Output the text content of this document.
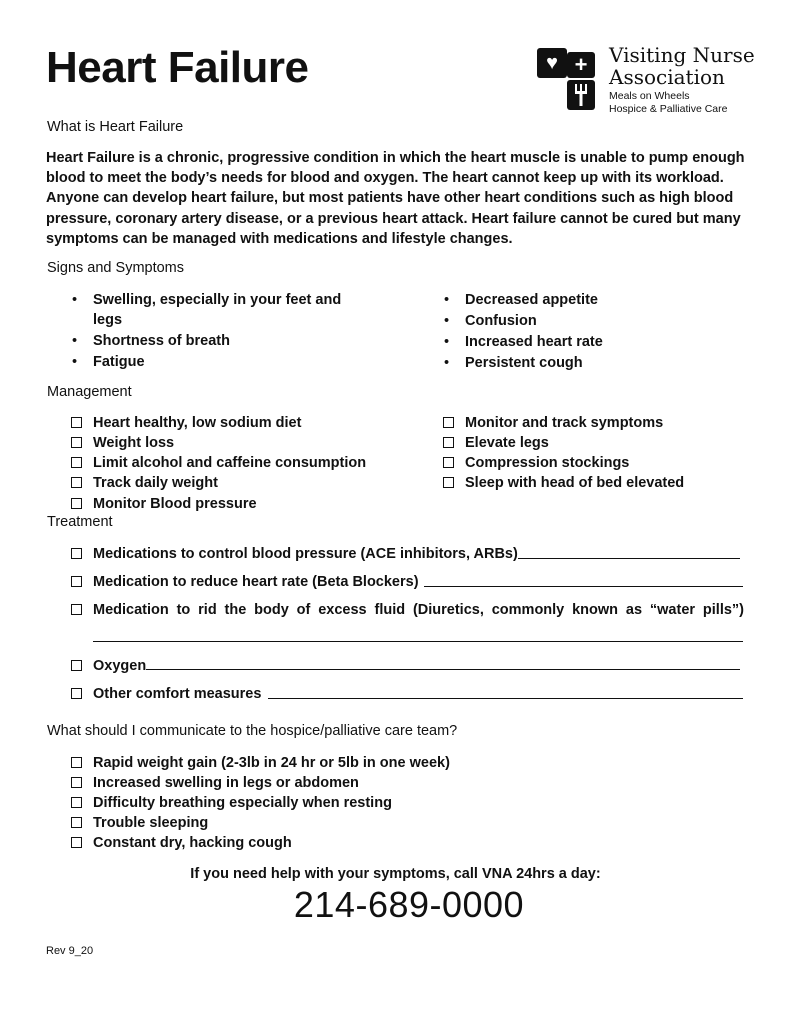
Heart Failure	♥ +	Visiting Nurse
Association
Meals on Wheels
Hospice & Palliative Care
What is Heart Failure
Heart Failure is a chronic, progressive condition in which the heart muscle is unable to pump enough
blood to meet the body’s needs for blood and oxygen. The heart cannot keep up with its workload.
Anyone can develop heart failure, but most patients have other heart conditions such as high blood
pressure, coronary artery disease, or a previous heart attack. Heart failure cannot be cured but many
symptoms can be managed with medications and lifestyle changes.
Signs and Symptoms
• Swelling, especially in your feet and
legs
• Shortness of breath
• Fatigue
• Decreased appetite
• Confusion
• Increased heart rate
• Persistent cough
Management
Heart healthy, low sodium diet
Weight loss
Limit alcohol and caffeine consumption
Track daily weight
Monitor Blood pressure
Monitor and track symptoms
Elevate legs
Compression stockings
Sleep with head of bed elevated
Treatment
Medications to control blood pressure (ACE inhibitors, ARBs)
Medication to reduce heart rate (Beta Blockers)
Medication to rid the body of excess fluid (Diuretics, commonly known as “water pills”)
Oxygen
Other comfort measures
What should I communicate to the hospice/palliative care team?
Rapid weight gain (2-3lb in 24 hr or 5lb in one week)
Increased swelling in legs or abdomen
Difficulty breathing especially when resting
Trouble sleeping
Constant dry, hacking cough
If you need help with your symptoms, call VNA 24hrs a day:
214-689-0000
Rev 9_20
